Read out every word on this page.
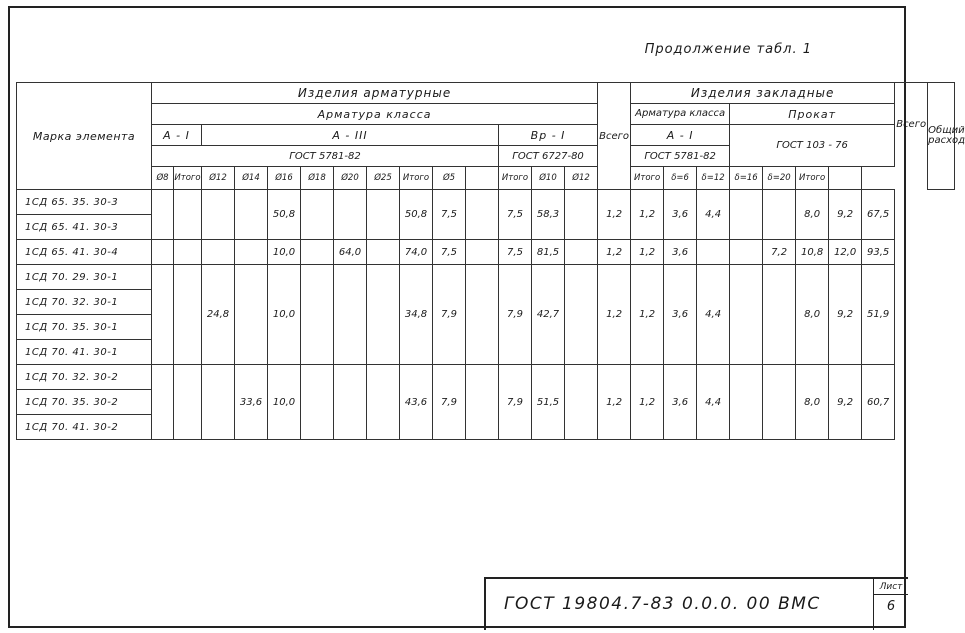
Продолжение табл. 1
Марка элемента	Изделия арматурные														Всего	Изделия закладные								Всего	Общий расход
	Арматура класса															Арматура класса			Прокат						
	А - I		А - III									Вр - I				А - I			ГОСТ 103 - 76						
	ГОСТ 5781-82											ГОСТ 6727-80				ГОСТ 5781-82									
	Ø8	Итого	Ø12	Ø14	Ø16	Ø18	Ø20	Ø25	Итого	Ø5		Итого	Ø10	Ø12		Итого	δ=6	δ=12	δ=16	δ=20	Итого				
1СД 65. 35. 30-3					50,8				50,8	7,5		7,5	58,3		1,2	1,2	3,6	4,4			8,0	9,2	67,5		
1СД 65. 41. 30-3																									
1СД 65. 41. 30-4					10,0		64,0		74,0	7,5		7,5	81,5		1,2	1,2	3,6			7,2	10,8	12,0	93,5		
1СД 70. 29. 30-1			24,8		10,0				34,8	7,9		7,9	42,7		1,2	1,2	3,6	4,4			8,0	9,2	51,9		
1СД 70. 32. 30-1																									
1СД 70. 35. 30-1																									
1СД 70. 41. 30-1																									
1СД 70. 32. 30-2				33,6	10,0				43,6	7,9		7,9	51,5		1,2	1,2	3,6	4,4			8,0	9,2	60,7		
1СД 70. 35. 30-2																									
1СД 70. 41. 30-2																									
ГОСТ 19804.7-83 0.0.0. 00 ВМС
Лист
6
